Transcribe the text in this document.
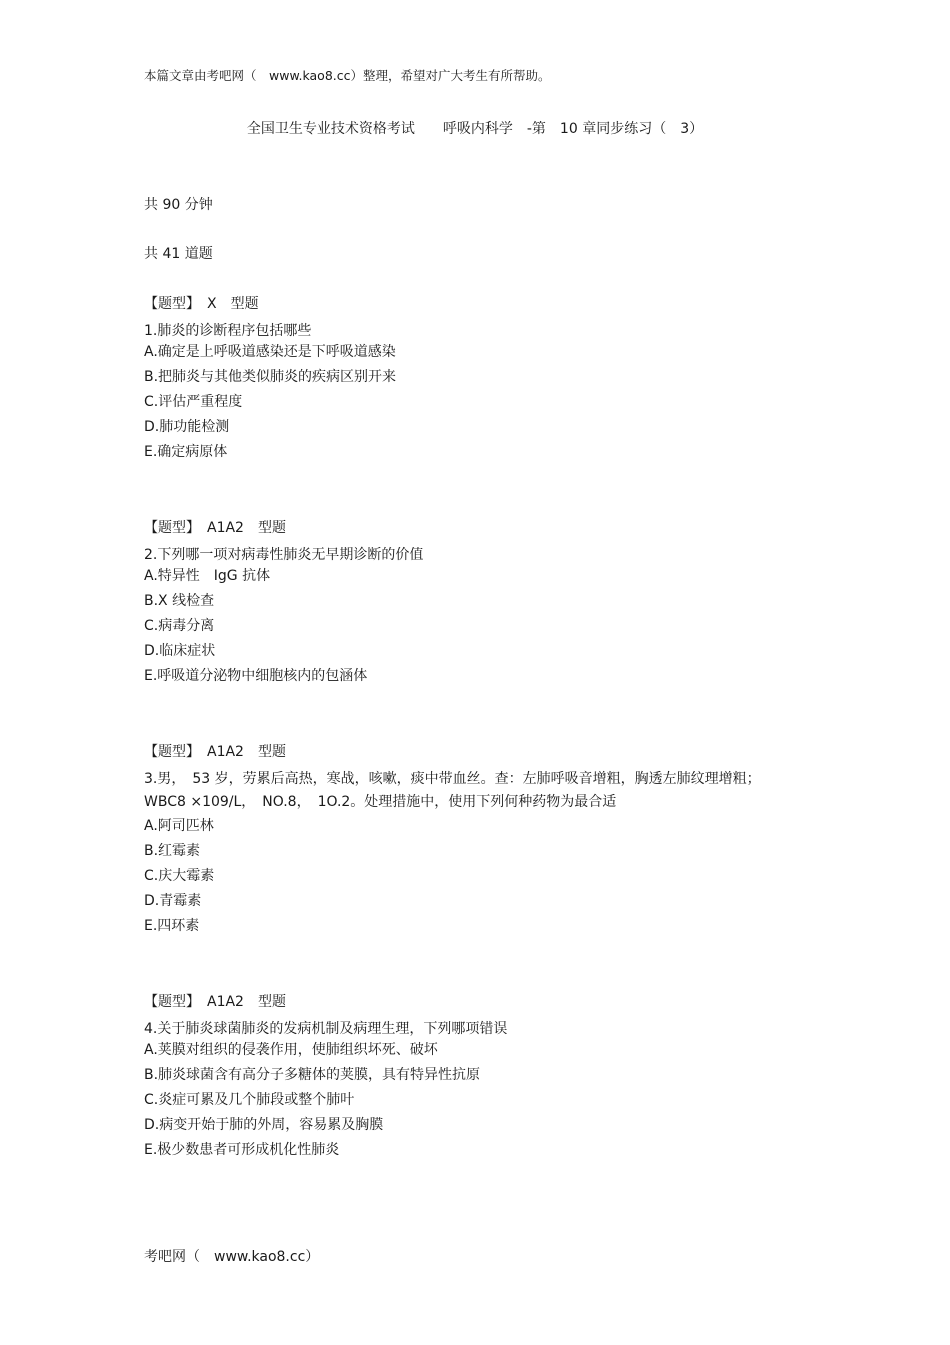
本篇文章由考吧网（　www.kao8.cc）整理，希望对广大考生有所帮助。
全国卫生专业技术资格考试　　呼吸内科学　-第　10 章同步练习（　3）
共 90 分钟
共 41 道题
【题型】　X　型题
1.肺炎的诊断程序包括哪些
A.确定是上呼吸道感染还是下呼吸道感染
B.把肺炎与其他类似肺炎的疾病区别开来
C.评估严重程度
D.肺功能检测
E.确定病原体
【题型】　A1A2　型题
2.下列哪一项对病毒性肺炎无早期诊断的价值
A.特异性　IgG 抗体
B.X 线检查
C.病毒分离
D.临床症状
E.呼吸道分泌物中细胞核内的包涵体
【题型】　A1A2　型题
3.男，　53 岁，劳累后高热，寒战，咳嗽，痰中带血丝。查：左肺呼吸音增粗，胸透左肺纹理增粗；　WBC8 ×109/L，　NO.8，　1O.2。处理措施中，使用下列何种药物为最合适
A.阿司匹林
B.红霉素
C.庆大霉素
D.青霉素
E.四环素
【题型】　A1A2　型题
4.关于肺炎球菌肺炎的发病机制及病理生理，下列哪项错误
A.荚膜对组织的侵袭作用，使肺组织坏死、破坏
B.肺炎球菌含有高分子多糖体的荚膜，具有特异性抗原
C.炎症可累及几个肺段或整个肺叶
D.病变开始于肺的外周，容易累及胸膜
E.极少数患者可形成机化性肺炎
考吧网（　www.kao8.cc）
